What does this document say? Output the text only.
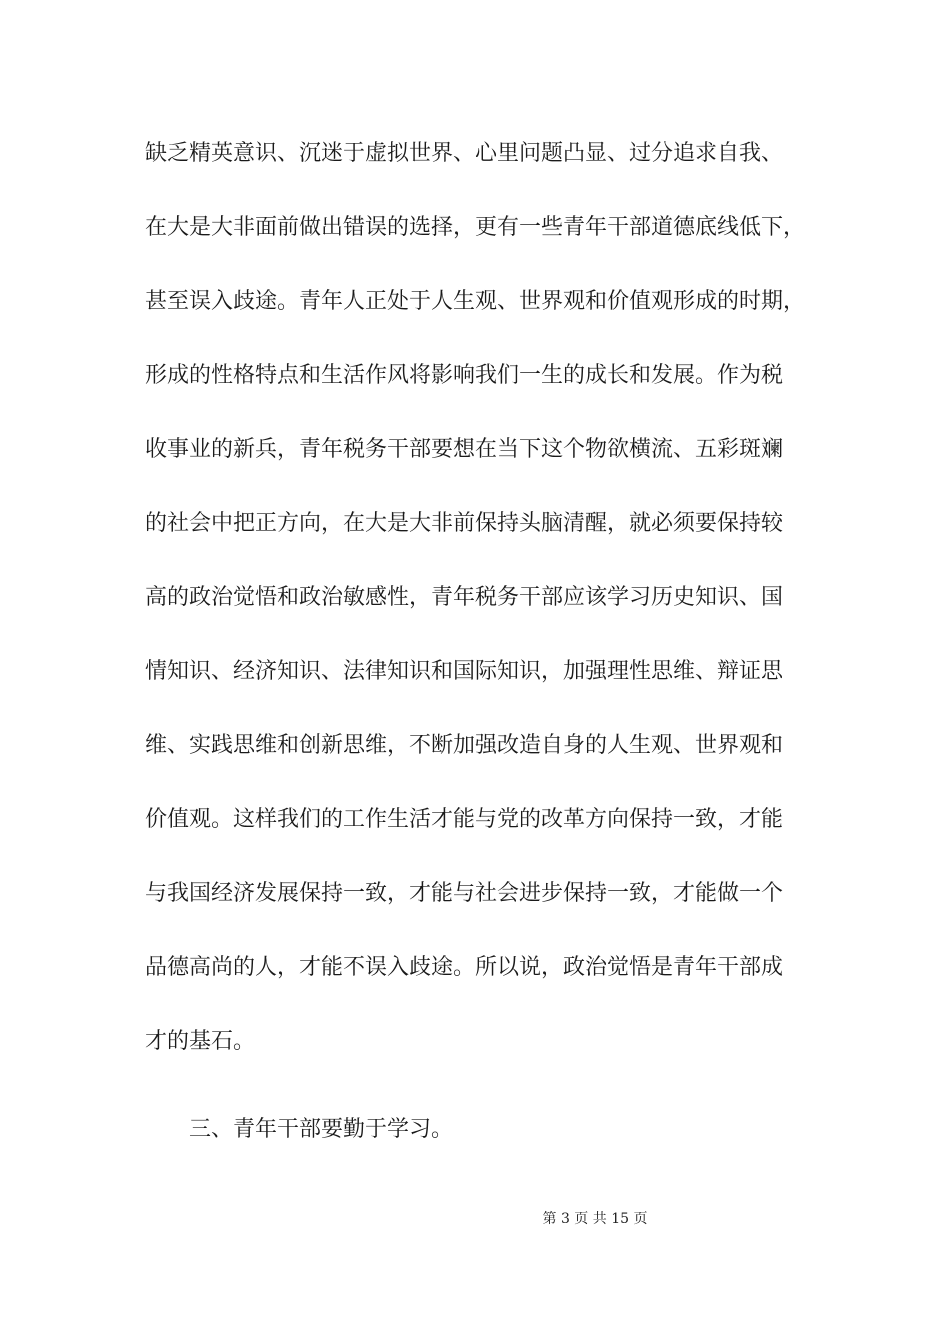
缺乏精英意识、沉迷于虚拟世界、心里问题凸显、过分追求自我、
在大是大非面前做出错误的选择，更有一些青年干部道德底线低下，
甚至误入歧途。青年人正处于人生观、世界观和价值观形成的时期，
形成的性格特点和生活作风将影响我们一生的成长和发展。作为税
收事业的新兵，青年税务干部要想在当下这个物欲横流、五彩斑斓
的社会中把正方向，在大是大非前保持头脑清醒，就必须要保持较
高的政治觉悟和政治敏感性，青年税务干部应该学习历史知识、国
情知识、经济知识、法律知识和国际知识，加强理性思维、辩证思
维、实践思维和创新思维，不断加强改造自身的人生观、世界观和
价值观。这样我们的工作生活才能与党的改革方向保持一致，才能
与我国经济发展保持一致，才能与社会进步保持一致，才能做一个
品德高尚的人，才能不误入歧途。所以说，政治觉悟是青年干部成
才的基石。
三、青年干部要勤于学习。
第 3 页 共 15 页
